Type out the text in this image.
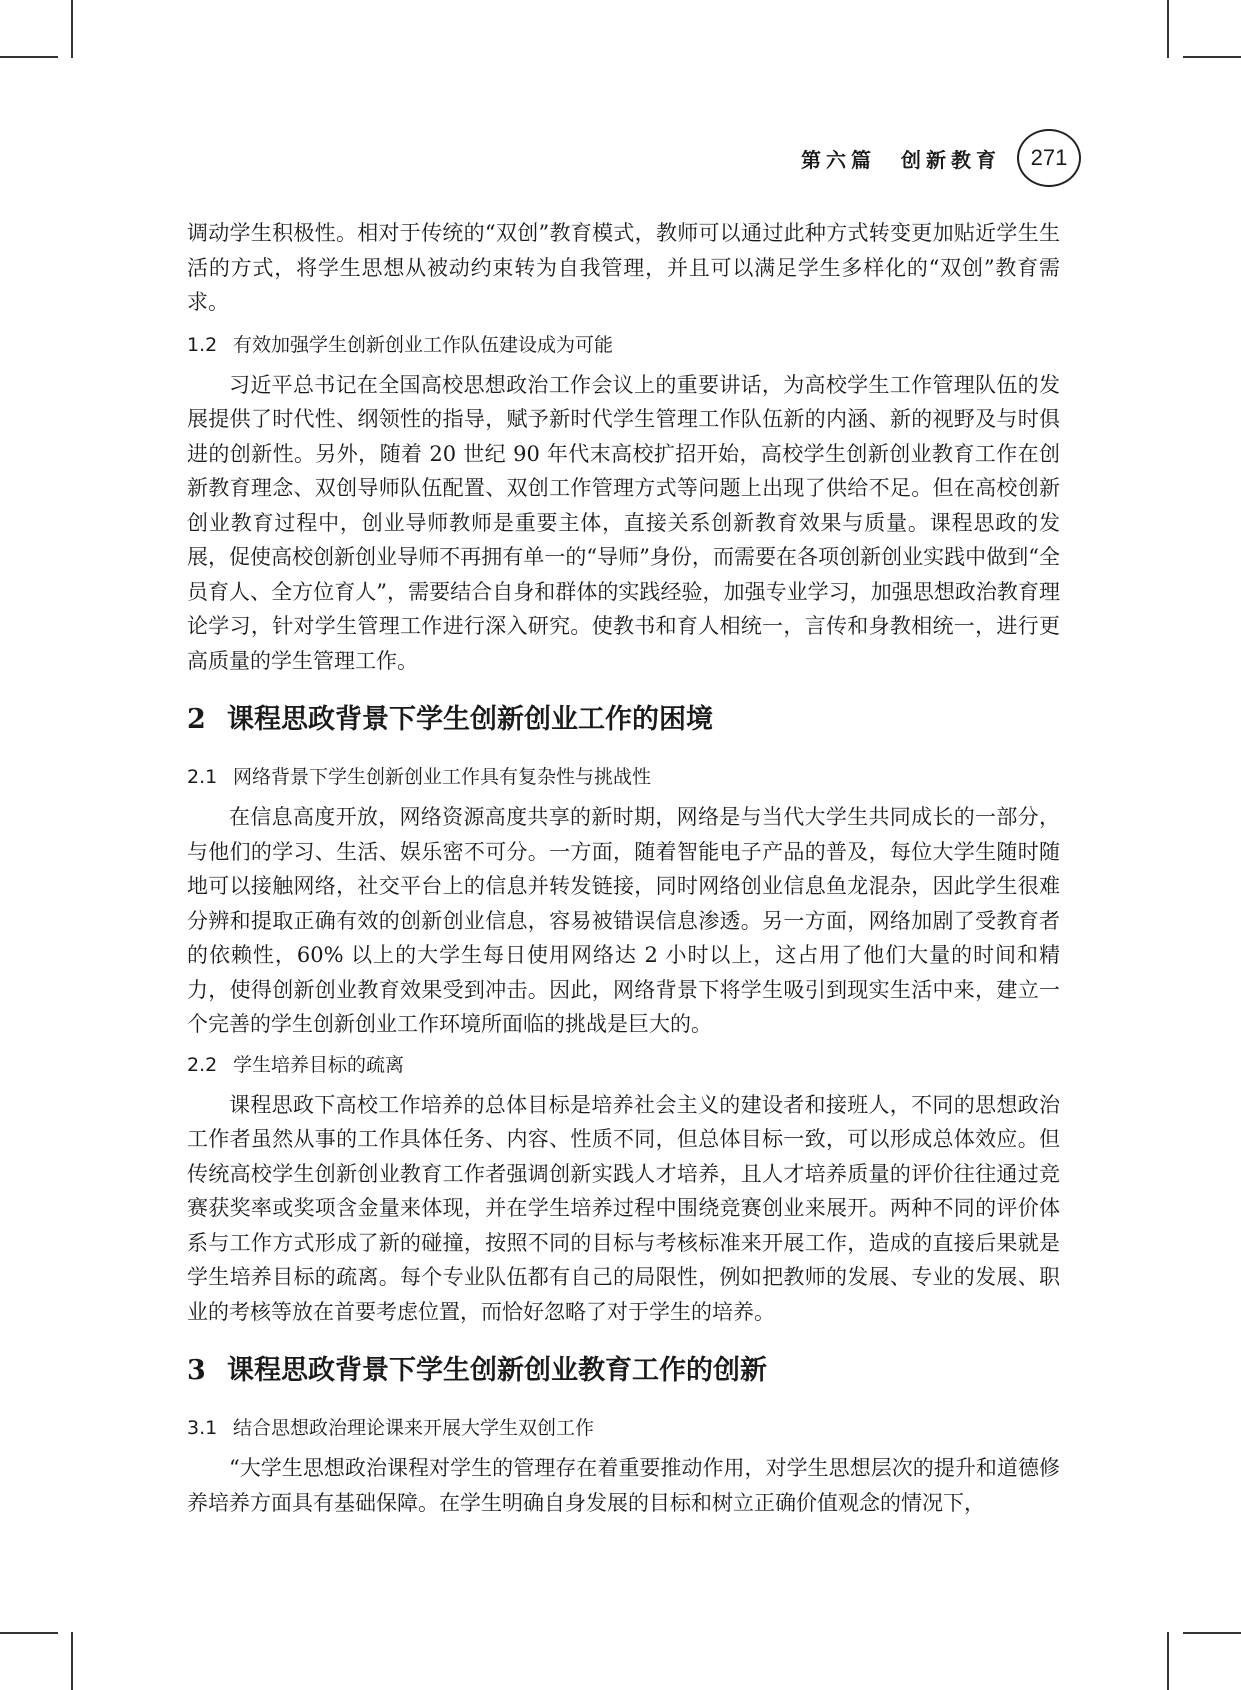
第六篇　创新教育	271

调动学生积极性。相对于传统的“双创”教育模式，教师可以通过此种方式转变更加贴近学生生活的方式，将学生思想从被动约束转为自我管理，并且可以满足学生多样化的“双创”教育需求。

1.2 有效加强学生创新创业工作队伍建设成为可能

习近平总书记在全国高校思想政治工作会议上的重要讲话，为高校学生工作管理队伍的发展提供了时代性、纲领性的指导，赋予新时代学生管理工作队伍新的内涵、新的视野及与时俱进的创新性。另外，随着 20 世纪 90 年代末高校扩招开始，高校学生创新创业教育工作在创新教育理念、双创导师队伍配置、双创工作管理方式等问题上出现了供给不足。但在高校创新创业教育过程中，创业导师教师是重要主体，直接关系创新教育效果与质量。课程思政的发展，促使高校创新创业导师不再拥有单一的“导师”身份，而需要在各项创新创业实践中做到“全员育人、全方位育人”，需要结合自身和群体的实践经验，加强专业学习，加强思想政治教育理论学习，针对学生管理工作进行深入研究。使教书和育人相统一，言传和身教相统一，进行更高质量的学生管理工作。

2 课程思政背景下学生创新创业工作的困境
2.1 网络背景下学生创新创业工作具有复杂性与挑战性

在信息高度开放，网络资源高度共享的新时期，网络是与当代大学生共同成长的一部分，与他们的学习、生活、娱乐密不可分。一方面，随着智能电子产品的普及，每位大学生随时随地可以接触网络，社交平台上的信息并转发链接，同时网络创业信息鱼龙混杂，因此学生很难分辨和提取正确有效的创新创业信息，容易被错误信息渗透。另一方面，网络加剧了受教育者的依赖性，60% 以上的大学生每日使用网络达 2 小时以上，这占用了他们大量的时间和精力，使得创新创业教育效果受到冲击。因此，网络背景下将学生吸引到现实生活中来，建立一个完善的学生创新创业工作环境所面临的挑战是巨大的。

2.2 学生培养目标的疏离

课程思政下高校工作培养的总体目标是培养社会主义的建设者和接班人，不同的思想政治工作者虽然从事的工作具体任务、内容、性质不同，但总体目标一致，可以形成总体效应。但传统高校学生创新创业教育工作者强调创新实践人才培养，且人才培养质量的评价往往通过竞赛获奖率或奖项含金量来体现，并在学生培养过程中围绕竞赛创业来展开。两种不同的评价体系与工作方式形成了新的碰撞，按照不同的目标与考核标准来开展工作，造成的直接后果就是学生培养目标的疏离。每个专业队伍都有自己的局限性，例如把教师的发展、专业的发展、职业的考核等放在首要考虑位置，而恰好忽略了对于学生的培养。

3 课程思政背景下学生创新创业教育工作的创新
3.1 结合思想政治理论课来开展大学生双创工作

“大学生思想政治课程对学生的管理存在着重要推动作用，对学生思想层次的提升和道德修养培养方面具有基础保障。在学生明确自身发展的目标和树立正确价值观念的情况下，
